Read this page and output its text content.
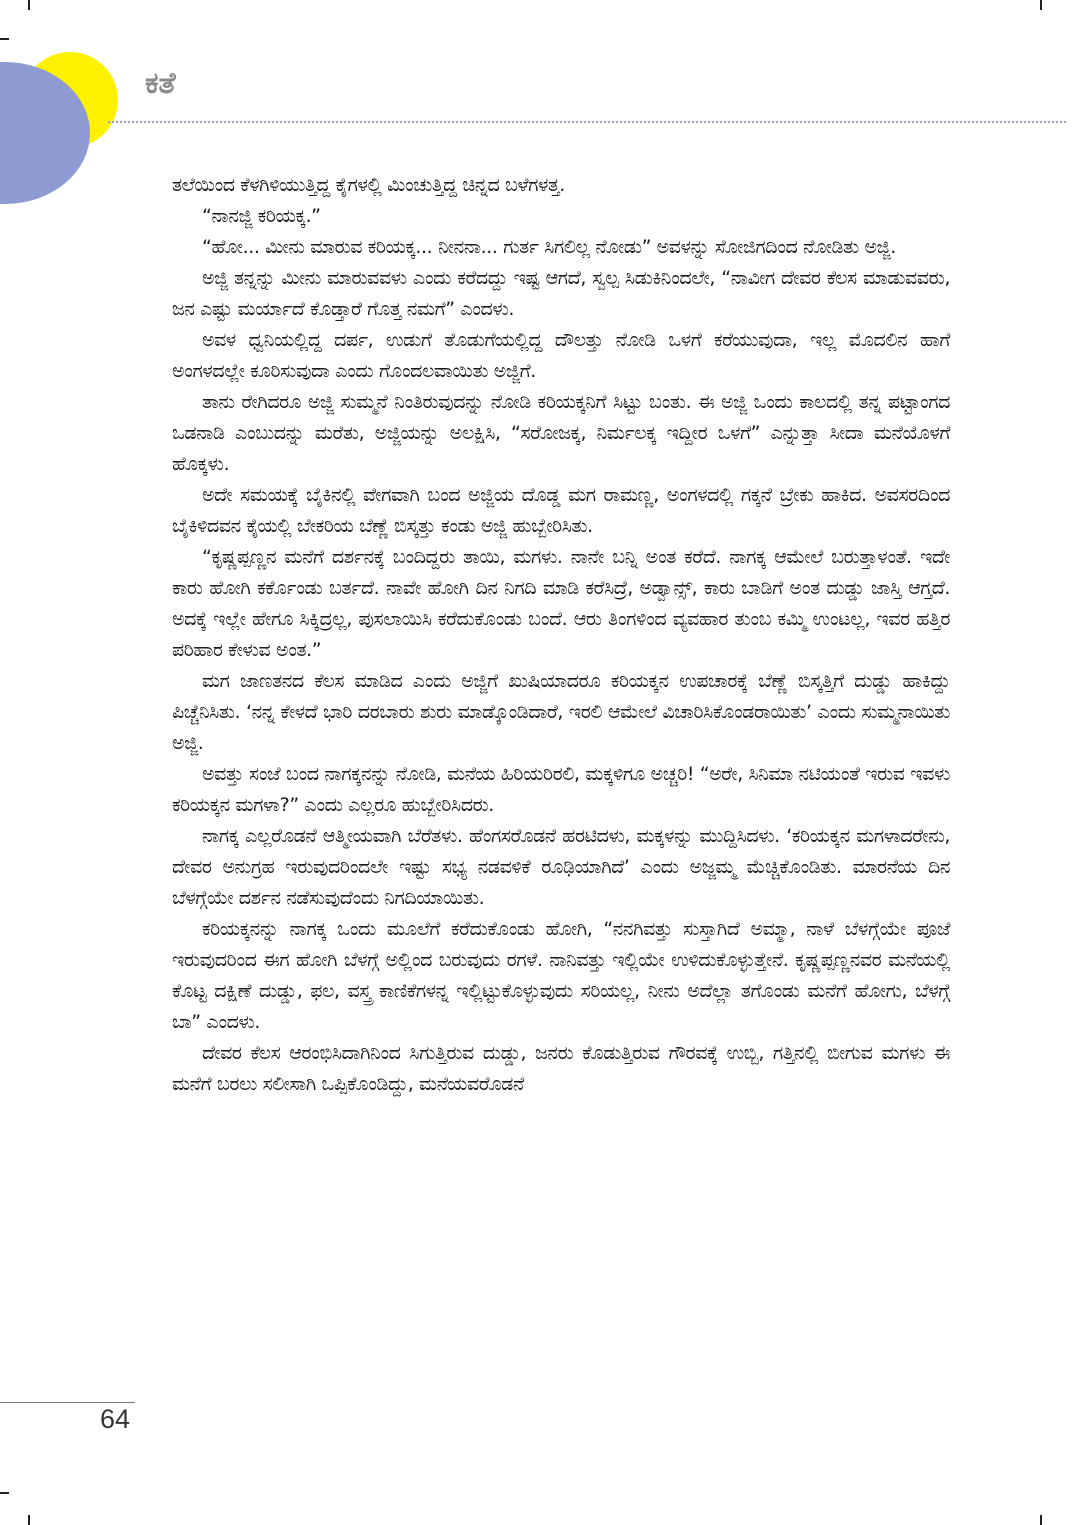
ಕತೆ

ತಲೆಯಿಂದ ಕೆಳಗಿಳಿಯುತ್ತಿದ್ದ ಕೈಗಳಲ್ಲಿ ಮಿಂಚುತ್ತಿದ್ದ ಚಿನ್ನದ ಬಳೆಗಳತ್ತ.

“ನಾನಜ್ಜಿ ಕರಿಯಕ್ಕ.”

“ಹೋ... ಮೀನು ಮಾರುವ ಕರಿಯಕ್ಕ... ನೀನನಾ... ಗುರ್ತ ಸಿಗಲಿಲ್ಲ ನೋಡು” ಅವಳನ್ನು ಸೋಜಿಗದಿಂದ ನೋಡಿತು ಅಜ್ಜಿ.

ಅಜ್ಜಿ ತನ್ನನ್ನು ಮೀನು ಮಾರುವವಳು ಎಂದು ಕರೆದದ್ದು ಇಷ್ಟ ಆಗದೆ, ಸ್ವಲ್ಪ ಸಿಡುಕಿನಿಂದಲೇ, “ನಾವೀಗ ದೇವರ ಕೆಲಸ ಮಾಡುವವರು, ಜನ ಎಷ್ಟು ಮರ್ಯಾದೆ ಕೊಡ್ತಾರೆ ಗೊತ್ತ ನಮಗೆ” ಎಂದಳು.

ಅವಳ ಧ್ವನಿಯಲ್ಲಿದ್ದ ದರ್ಪ, ಉಡುಗೆ ತೊಡುಗೆಯಲ್ಲಿದ್ದ ದೌಲತ್ತು ನೋಡಿ ಒಳಗೆ ಕರೆಯುವುದಾ, ಇಲ್ಲ ಮೊದಲಿನ ಹಾಗೆ ಅಂಗಳದಲ್ಲೇ ಕೂರಿಸುವುದಾ ಎಂದು ಗೊಂದಲವಾಯಿತು ಅಜ್ಜಿಗೆ.

ತಾನು ರೇಗಿದರೂ ಅಜ್ಜಿ ಸುಮ್ಮನೆ ನಿಂತಿರುವುದನ್ನು ನೋಡಿ ಕರಿಯಕ್ಕನಿಗೆ ಸಿಟ್ಟು ಬಂತು. ಈ ಅಜ್ಜಿ ಒಂದು ಕಾಲದಲ್ಲಿ ತನ್ನ ಪಟ್ಟಾಂಗದ ಒಡನಾಡಿ ಎಂಬುದನ್ನು ಮರೆತು, ಅಜ್ಜಿಯನ್ನು ಅಲಕ್ಷಿಸಿ, “ಸರೋಜಕ್ಕ, ನಿರ್ಮಲಕ್ಕ ಇದ್ದೀರ ಒಳಗೆ” ಎನ್ನುತ್ತಾ ಸೀದಾ ಮನೆಯೊಳಗೆ ಹೊಕ್ಕಳು.

ಅದೇ ಸಮಯಕ್ಕೆ ಬೈಕಿನಲ್ಲಿ ವೇಗವಾಗಿ ಬಂದ ಅಜ್ಜಿಯ ದೊಡ್ಡ ಮಗ ರಾಮಣ್ಣ, ಅಂಗಳದಲ್ಲಿ ಗಕ್ಕನೆ ಬ್ರೇಕು ಹಾಕಿದ. ಅವಸರದಿಂದ ಬೈಕಿಳಿದವನ ಕೈಯಲ್ಲಿ ಬೇಕರಿಯ ಬೆಣ್ಣೆ ಬಿಸ್ಕತ್ತು ಕಂಡು ಅಜ್ಜಿ ಹುಬ್ಬೇರಿಸಿತು.

“ಕೃಷ್ಣಪ್ಪಣ್ಣನ ಮನೆಗೆ ದರ್ಶನಕ್ಕೆ ಬಂದಿದ್ದರು ತಾಯಿ, ಮಗಳು. ನಾನೇ ಬನ್ನಿ ಅಂತ ಕರೆದೆ. ನಾಗಕ್ಕ ಆಮೇಲೆ ಬರುತ್ತಾಳಂತೆ. ಇದೇ ಕಾರು ಹೋಗಿ ಕರ್ಕೊಂಡು ಬರ್ತದೆ. ನಾವೇ ಹೋಗಿ ದಿನ ನಿಗದಿ ಮಾಡಿ ಕರೆಸಿದ್ರೆ, ಅಡ್ವಾನ್ಸ್, ಕಾರು ಬಾಡಿಗೆ ಅಂತ ದುಡ್ಡು ಜಾಸ್ತಿ ಆಗ್ತದೆ. ಅದಕ್ಕೆ ಇಲ್ಲೇ ಹೇಗೂ ಸಿಕ್ಕಿದ್ರಲ್ಲ, ಪುಸಲಾಯಿಸಿ ಕರೆದುಕೊಂಡು ಬಂದೆ. ಆರು ತಿಂಗಳಿಂದ ವ್ಯವಹಾರ ತುಂಬ ಕಮ್ಮಿ ಉಂಟಲ್ಲ, ಇವರ ಹತ್ತಿರ ಪರಿಹಾರ ಕೇಳುವ ಅಂತ.”

ಮಗ ಜಾಣತನದ ಕೆಲಸ ಮಾಡಿದ ಎಂದು ಅಜ್ಜಿಗೆ ಖುಷಿಯಾದರೂ ಕರಿಯಕ್ಕನ ಉಪಚಾರಕ್ಕೆ ಬೆಣ್ಣೆ ಬಿಸ್ಕತ್ತಿಗೆ ದುಡ್ಡು ಹಾಕಿದ್ದು ಪಿಚ್ಚೆನಿಸಿತು. ‘ನನ್ನ ಕೇಳದೆ ಭಾರಿ ದರಬಾರು ಶುರು ಮಾಡ್ಕೊಂಡಿದಾರೆ, ಇರಲಿ ಆಮೇಲೆ ವಿಚಾರಿಸಿಕೊಂಡರಾಯಿತು’ ಎಂದು ಸುಮ್ಮನಾಯಿತು ಅಜ್ಜಿ.

ಅವತ್ತು ಸಂಜೆ ಬಂದ ನಾಗಕ್ಕನನ್ನು ನೋಡಿ, ಮನೆಯ ಹಿರಿಯರಿರಲಿ, ಮಕ್ಕಳಿಗೂ ಅಚ್ಚರಿ! “ಅರೇ, ಸಿನಿಮಾ ನಟಿಯಂತೆ ಇರುವ ಇವಳು ಕರಿಯಕ್ಕನ ಮಗಳಾ?” ಎಂದು ಎಲ್ಲರೂ ಹುಬ್ಬೇರಿಸಿದರು.

ನಾಗಕ್ಕ ಎಲ್ಲರೊಡನೆ ಆತ್ಮೀಯವಾಗಿ ಬೆರೆತಳು. ಹೆಂಗಸರೊಡನೆ ಹರಟಿದಳು, ಮಕ್ಕಳನ್ನು ಮುದ್ದಿಸಿದಳು. ‘ಕರಿಯಕ್ಕನ ಮಗಳಾದರೇನು, ದೇವರ ಅನುಗ್ರಹ ಇರುವುದರಿಂದಲೇ ಇಷ್ಟು ಸಭ್ಯ ನಡವಳಿಕೆ ರೂಢಿಯಾಗಿದೆ’ ಎಂದು ಅಜ್ಜಮ್ಮ ಮೆಚ್ಚಿಕೊಂಡಿತು. ಮಾರನೆಯ ದಿನ ಬೆಳಗ್ಗೆಯೇ ದರ್ಶನ ನಡೆಸುವುದೆಂದು ನಿಗದಿಯಾಯಿತು.

ಕರಿಯಕ್ಕನನ್ನು ನಾಗಕ್ಕ ಒಂದು ಮೂಲೆಗೆ ಕರೆದುಕೊಂಡು ಹೋಗಿ, “ನನಗಿವತ್ತು ಸುಸ್ತಾಗಿದೆ ಅಮ್ಮಾ, ನಾಳೆ ಬೆಳಗ್ಗೆಯೇ ಪೂಜೆ ಇರುವುದರಿಂದ ಈಗ ಹೋಗಿ ಬೆಳಗ್ಗೆ ಅಲ್ಲಿಂದ ಬರುವುದು ರಗಳೆ. ನಾನಿವತ್ತು ಇಲ್ಲಿಯೇ ಉಳಿದುಕೊಳ್ಳುತ್ತೇನೆ. ಕೃಷ್ಣಪ್ಪಣ್ಣನವರ ಮನೆಯಲ್ಲಿ ಕೊಟ್ಟ ದಕ್ಷಿಣೆ ದುಡ್ಡು, ಫಲ, ವಸ್ತ್ರ ಕಾಣಿಕೆಗಳನ್ನ ಇಲ್ಲಿಟ್ಟುಕೊಳ್ಳುವುದು ಸರಿಯಲ್ಲ, ನೀನು ಅದೆಲ್ಲಾ ತಗೊಂಡು ಮನೆಗೆ ಹೋಗು, ಬೆಳಗ್ಗೆ ಬಾ” ಎಂದಳು.

ದೇವರ ಕೆಲಸ ಆರಂಭಿಸಿದಾಗಿನಿಂದ ಸಿಗುತ್ತಿರುವ ದುಡ್ಡು, ಜನರು ಕೊಡುತ್ತಿರುವ ಗೌರವಕ್ಕೆ ಉಬ್ಬಿ, ಗತ್ತಿನಲ್ಲಿ ಬೀಗುವ ಮಗಳು ಈ ಮನೆಗೆ ಬರಲು ಸಲೀಸಾಗಿ ಒಪ್ಪಿಕೊಂಡಿದ್ದು, ಮನೆಯವರೊಡನೆ

64
